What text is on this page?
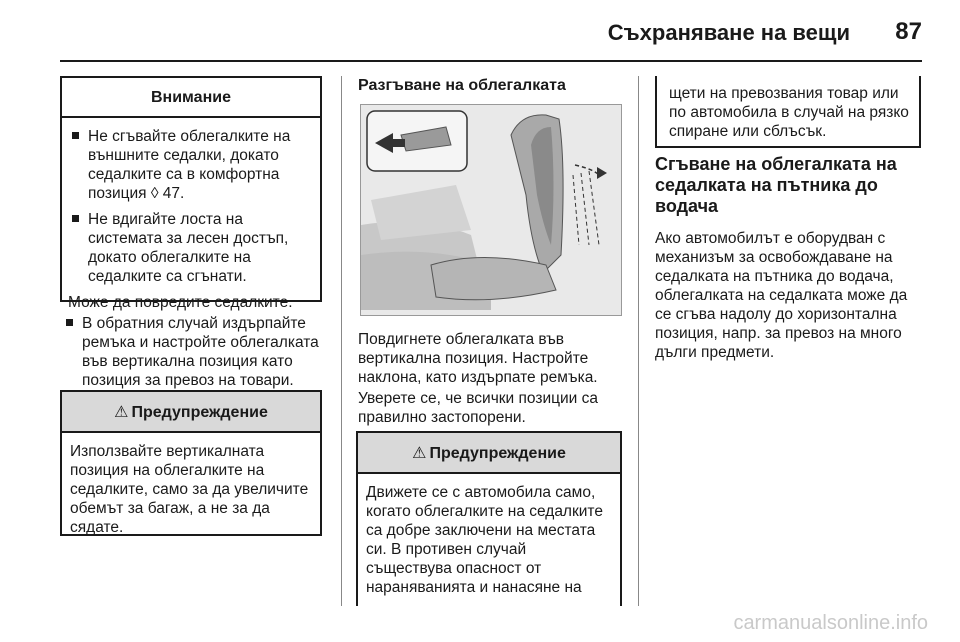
Съхраняване на вещи	87
Внимание
Не сгъвайте облегалките на външните седалки, докато седалките са в комфортна позиция ◊ 47.
Не вдигайте лоста на системата за лесен достъп, докато облегалките на седалките са сгънати.
Може да повредите седалките.
В обратния случай издърпайте ремъка и настройте облегалката във вертикална позиция като позиция за превоз на товари.
⚠ Предупреждение
Използвайте вертикалната позиция на облегалките на седалките, само за да увеличите обемът за багаж, а не за да сядате.
Разгъване на облегалката
Повдигнете облегалката във вертикална позиция. Настройте наклона, като издърпате ремъка.
Уверете се, че всички позиции са правилно застопорени.
⚠ Предупреждение
Движете се с автомобила само, когато облегалките на седалките са добре заключени на местата си. В противен случай съществува опасност от нараняванията и нанасяне на
щети на превозвания товар или по автомобила в случай на рязко спиране или сблъсък.
Сгъване на облегалката на седалката на пътника до водача
Ако автомобилът е оборудван с механизъм за освобождаване на седалката на пътника до водача, облегалката на седалката може да се сгъва надолу до хоризонтална позиция, напр. за превоз на много дълги предмети.
carmanualsonline.info
